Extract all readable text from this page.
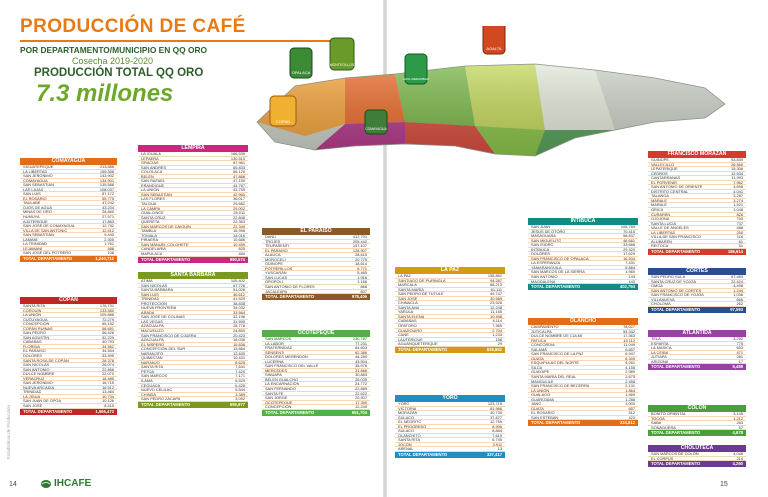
PRODUCCIÓN DE CAFÉ
POR DEPARTAMENTO/MUNICIPIO EN QQ ORO
Cosecha 2019-2020
PRODUCCIÓN TOTAL QQ ORO
7.3 millones
Estadísticas de Producción
COPÁN
OPALACA
MONTECILLOS
COMAYAGUA
AGALTA
AZUL MERAMBAR
COMAYAGUA
SIGUATEPEQUE	213,886
LA LIBERTAD	155,358
SAN JERÓNIMO	143,902
COMAYAGUA	134,901
SAN SEBASTIÁN	135,588
LAS LAJAS	108,037
SAN LUIS	87,172
EL ROSARIO	55,775
TAULABÉ	47,242
OJOS DE AGUA	43,234
MINAS DE ORO	28,860
HUMUYA	27,571
AJUTERIQUE	17,863
SAN JOSÉ DE COMAYAGUA	12,732
VILLA DE SAN ANTONIO	12,512
SAN SEBASTIÁN	9,440
LAMANÍ	2,305
LA TRINIDAD	1,761
LEJAMANÍ	488
SAN JOSÉ DEL POTRERO	108
TOTAL DEPARTAMENTO	1,240,712
COPÁN
SANTA RITA	176,731
CORQUÍN	133,580
LA UNIÓN	109,886
CUCUYAGUA	72,279
CONCEPCIÓN	65,152
COPÁN RUINAS	58,651
SAN PEDRO	56,426
SAN AGUSTÍN	52,229
CABAÑAS	40,793
FLORIDA	34,562
EL PARAÍSO	34,554
DOLORES	33,595
SANTA ROSA DE COPÁN	28,378
SAN NICOLÁS	26,074
SAN ANTONIO	22,866
DULCE NOMBRE	22,070
VERACRUZ	18,480
SAN JERÓNIMO	16,715
NUEVA ARCADIA	16,512
TRINIDAD	13,464
LA JIGUA	10,734
SAN JUAN DE OPOA	10,126
SAN JOSÉ	8,415
TOTAL DEPARTAMENTO	1,066,473
LEMPIRA
LA IGUALA	166,539
LEPAERA	130,510
GRACIAS	87,961
SAN ANDRÉS	65,833
COLOLACA	56,120
BELÉN	47,886
SAN RAFAEL	47,150
ERANDIQUE	44,767
LA UNIÓN	43,759
SAN SEBASTIÁN	42,960
LAS FLORES	36,017
TALGUA	29,682
LA CAMPA	29,002
GUALCINCE	25,011
SANTA CRUZ	22,846
QUERÉTA	22,363
SAN MARCOS DE CAIQUÍN	22,349
TAMBLA	16,996
TOMALÁ	14,016
PIRAERA	10,686
SAN MANUEL COLOHETE	10,459
CANDELARIA	825
MAPULACA	484
TOTAL DEPARTAMENTO	980,574
SANTA BÁRBARA
ATIMA	105,402
SAN NICOLÁS	67,726
SANTA BÁRBARA	51,026
SAN LUIS	46,612
TRINIDAD	41,529
PROTECCIÓN	38,838
NUEVA FRONTERA	34,032
ARADA	33,564
SAN JOSÉ DE COLINAS	32,196
LAS VEGAS	31,590
AZACUALPA	28,776
MACUELIZO	24,850
SAN FRANCISCO DE OJUERA	20,423
AZACUALPA	18,036
EL NÍSPERO	15,836
CONCEPCIÓN DEL SUR	13,664
NARANJITO	12,630
QUIMISTÁN	10,431
NARANJO	8,625
SANTA RITA	7,641
PETOA	7,420
SAN MARCOS	7,171
ILAMA	6,529
CEGUACA	6,426
NUEVO CELILAC	5,544
CHINDA	3,389
SAN PEDRO ZACAPA	3,092
TOTAL DEPARTAMENTO	695,977
EL PARAÍSO
DANLÍ	412,701
TROJES	205,442
TEUPASENTI	157,107
EL PARAÍSO	128,907
ALAUCA	28,615
MOROCELÍ	20,775
GÜINOPE	18,614
POTRERILLOS	6,771
YUSCARÁN	5,465
SAN LUCAS	1,916
OROPOLÍ	1,166
SAN ANTONIO DE FLORES	866
JACALEAPA	607
TOTAL DEPARTAMENTO	978,406
OCOTEPEQUE
SAN MARCOS	130,787
LA LABOR	77,231
FRATERNIDAD	64,603
SENSENTI	62,386
DOLORES MERENDÓN	44,280
LUCERNA	43,504
SAN FRANCISCO DEL VALLE	35,976
MERCEDES	31,866
SINUAPA	30,883
BELÉN GUALCHO	25,035
LA ENCARNACIÓN	24,772
SAN FERNANDO	22,889
SANTA FE	22,622
SAN JORGE	20,907
OCOTEPEQUE	17,390
CONCEPCIÓN	12,240
TOTAL DEPARTAMENTO	651,704
LA PAZ
LA PAZ	156,861
SANTIAGO DE PURINGLA	94,287
MARCALA	68,213
SANTA MARÍA	61,111
SAN PEDRO DE TUTULE	49,747
SAN JOSÉ	30,989
CHINACLA	23,928
SANTA ANA	12,248
YARULA	11,165
SANTA ELENA	10,498
CABAÑAS	8,114
OPATORO	7,365
GUAJIQUIRO	2,704
CANE	1,233
LAUTERIQUE	158
AGUANQUETERIQUE	29
TOTAL DEPARTAMENTO	529,652
YORO
YORO	123,715
VICTORIA	81,966
MORAZÁN	40,730
SULACO	37,877
EL NEGRITO	12,769
EL PROGRESO	8,906
SULACO	8,864
OLANCHITO	7,619
SANTA RITA	6,745
JOCÓN	3,911
ARENAL	13
TOTAL DEPARTAMENTO	337,417
INTIBUCÁ
SAN JUAN	105,785
JESÚS DE OTORO	70,415
MASAGUARA	58,837
SAN MIGUELITO	46,681
SAN ISIDRO	33,686
INTIBUCÁ	29,320
DOLORES	17,629
SAN FRANCISCO DE OPALACA	16,534
LA ESPERANZA	7,431
YAMARANGUILA	5,884
SAN MARCOS DE LA SIERRA	1,960
SAN ANTONIO	143
MAGDALENA	143
TOTAL DEPARTAMENTO	402,794
OLANCHO
CAMPAMENTO	78,027
JUTICALPA	54,342
DULCE NOMBRE DE CULMÍ	17,363
PATUCA	15,112
CONCORDIA	11,049
SALAMÁ	6,857
SAN FRANCISCO DE LA PAZ	6,947
GUATA	6,300
ESQUIPULAS DEL NORTE	4,261
SILCA	4,155
GUAYAPE	2,989
SANTA MARÍA DEL REAL	2,675
MANGULILE	2,458
SAN FRANCISCO DE BECERRA	2,131
LA UNIÓN	1,864
GUALACO	1,469
GUARIZAMA	1,288
JANO	1,000
GUATA	657
EL ROSARIO	512
SAN ESTEBAN	423
TOTAL DEPARTAMENTO	224,812
FRANCISCO MORAZÁN
GUINOPE	93,839
VALLECILLO	26,560
LEPATERIQUE	15,306
CEDROS	12,534
CANTARRANAS	11,993
EL PORVENIR	7,962
SAN ANTONIO DE ORIENTE	4,698
DISTRITO CENTRAL	4,041
TALANGA	3,287
MARALE	3,274
MARALE	1,521
ORICA	1,048
CURARÉN	826
OJOJONA	753
SANTA LUCÍA	737
VALLE DE ÁNGELES	488
LA LIBERTAD	250
VILLA DE SAN FRANCISCO	116
ALUBARÉN	61
REITOCA	51
TOTAL DEPARTAMENTO	186,614
CORTÉS
SAN PEDRO SULA	67,483
SANTA CRUZ DE YOJOA	22,424
OMOA	4,498
SAN ANTONIO DE CORTÉS	1,244
SAN FRANCISCO DE YOJOA	1,036
VILLANUEVA	666
CHOLOMA	262
TOTAL DEPARTAMENTO	97,593
ATLÁNTIDA
TELA	3,292
ESPARTA	775
LA MASICA	653
LA CEIBA	471
JUTIAPA	281
ARIZONA	17
TOTAL DEPARTAMENTO	5,489
COLÓN
BONITO ORIENTAL	3,145
TOCOA	1,212
SABA	263
SONAGUERA	57
TOTAL DEPARTAMENTO	4,678
CHOLUTECA
SAN MARCOS DE COLÓN	4,046
EL CORPUS	214
TOTAL DEPARTAMENTO	4,260
14	IHCAFE	15
